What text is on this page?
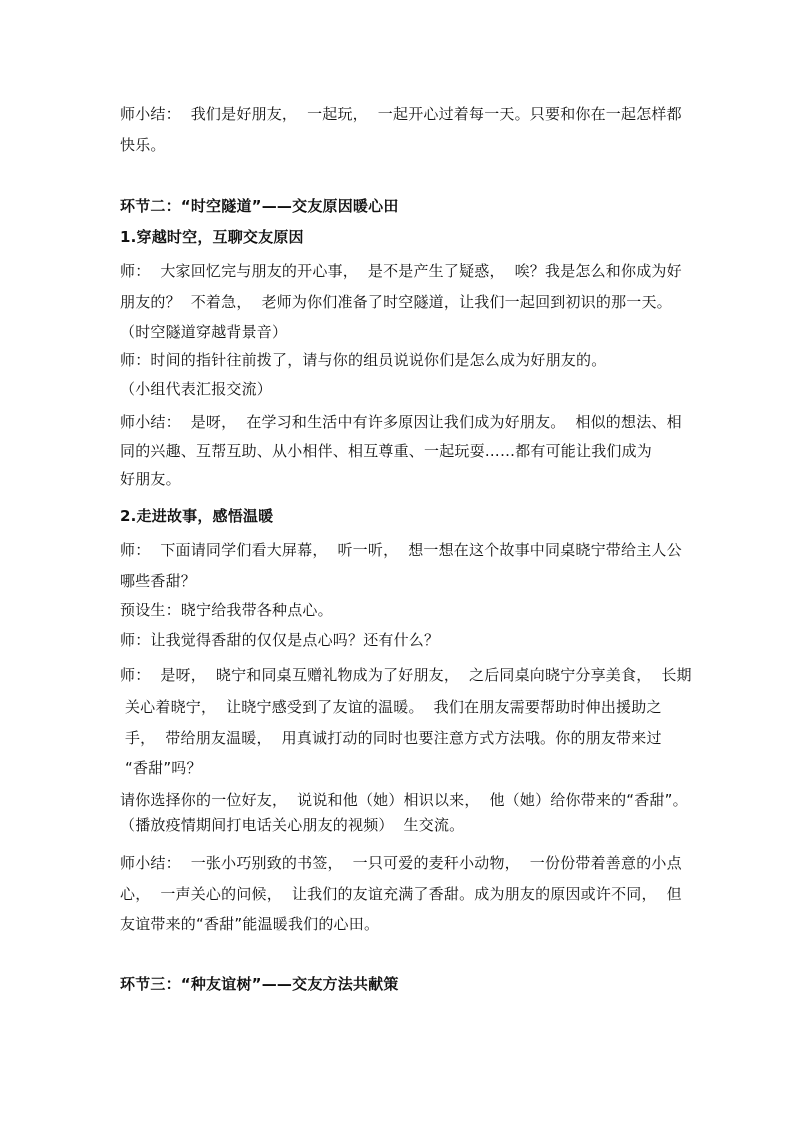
师小结：  我们是好朋友，  一起玩，  一起开心过着每一天。只要和你在一起怎样都
快乐。
环节二：“时空隧道”——交友原因暖心田
1.穿越时空，互聊交友原因
师：  大家回忆完与朋友的开心事，  是不是产生了疑惑，  唉？我是怎么和你成为好
朋友的？  不着急，  老师为你们准备了时空隧道，让我们一起回到初识的那一天。
（时空隧道穿越背景音）
师：时间的指针往前拨了，请与你的组员说说你们是怎么成为好朋友的。
（小组代表汇报交流）
师小结：  是呀，  在学习和生活中有许多原因让我们成为好朋友。  相似的想法、相
同的兴趣、互帮互助、从小相伴、相互尊重、一起玩耍……都有可能让我们成为
好朋友。
2.走进故事，感悟温暖
师：  下面请同学们看大屏幕，  听一听，  想一想在这个故事中同桌晓宁带给主人公
哪些香甜？
预设生：晓宁给我带各种点心。
师：让我觉得香甜的仅仅是点心吗？还有什么？
师：  是呀，  晓宁和同桌互赠礼物成为了好朋友，  之后同桌向晓宁分享美食，  长期
关心着晓宁，  让晓宁感受到了友谊的温暖。  我们在朋友需要帮助时伸出援助之
手，  带给朋友温暖，  用真诚打动的同时也要注意方式方法哦。你的朋友带来过
“香甜”吗？
请你选择你的一位好友，  说说和他（她）相识以来，  他（她）给你带来的“香甜”。
（播放疫情期间打电话关心朋友的视频）  生交流。
师小结：  一张小巧别致的书签，  一只可爱的麦秆小动物，  一份份带着善意的小点
心，  一声关心的问候，  让我们的友谊充满了香甜。成为朋友的原因或许不同，  但
友谊带来的“香甜”能温暖我们的心田。
环节三：“种友谊树”——交友方法共献策
